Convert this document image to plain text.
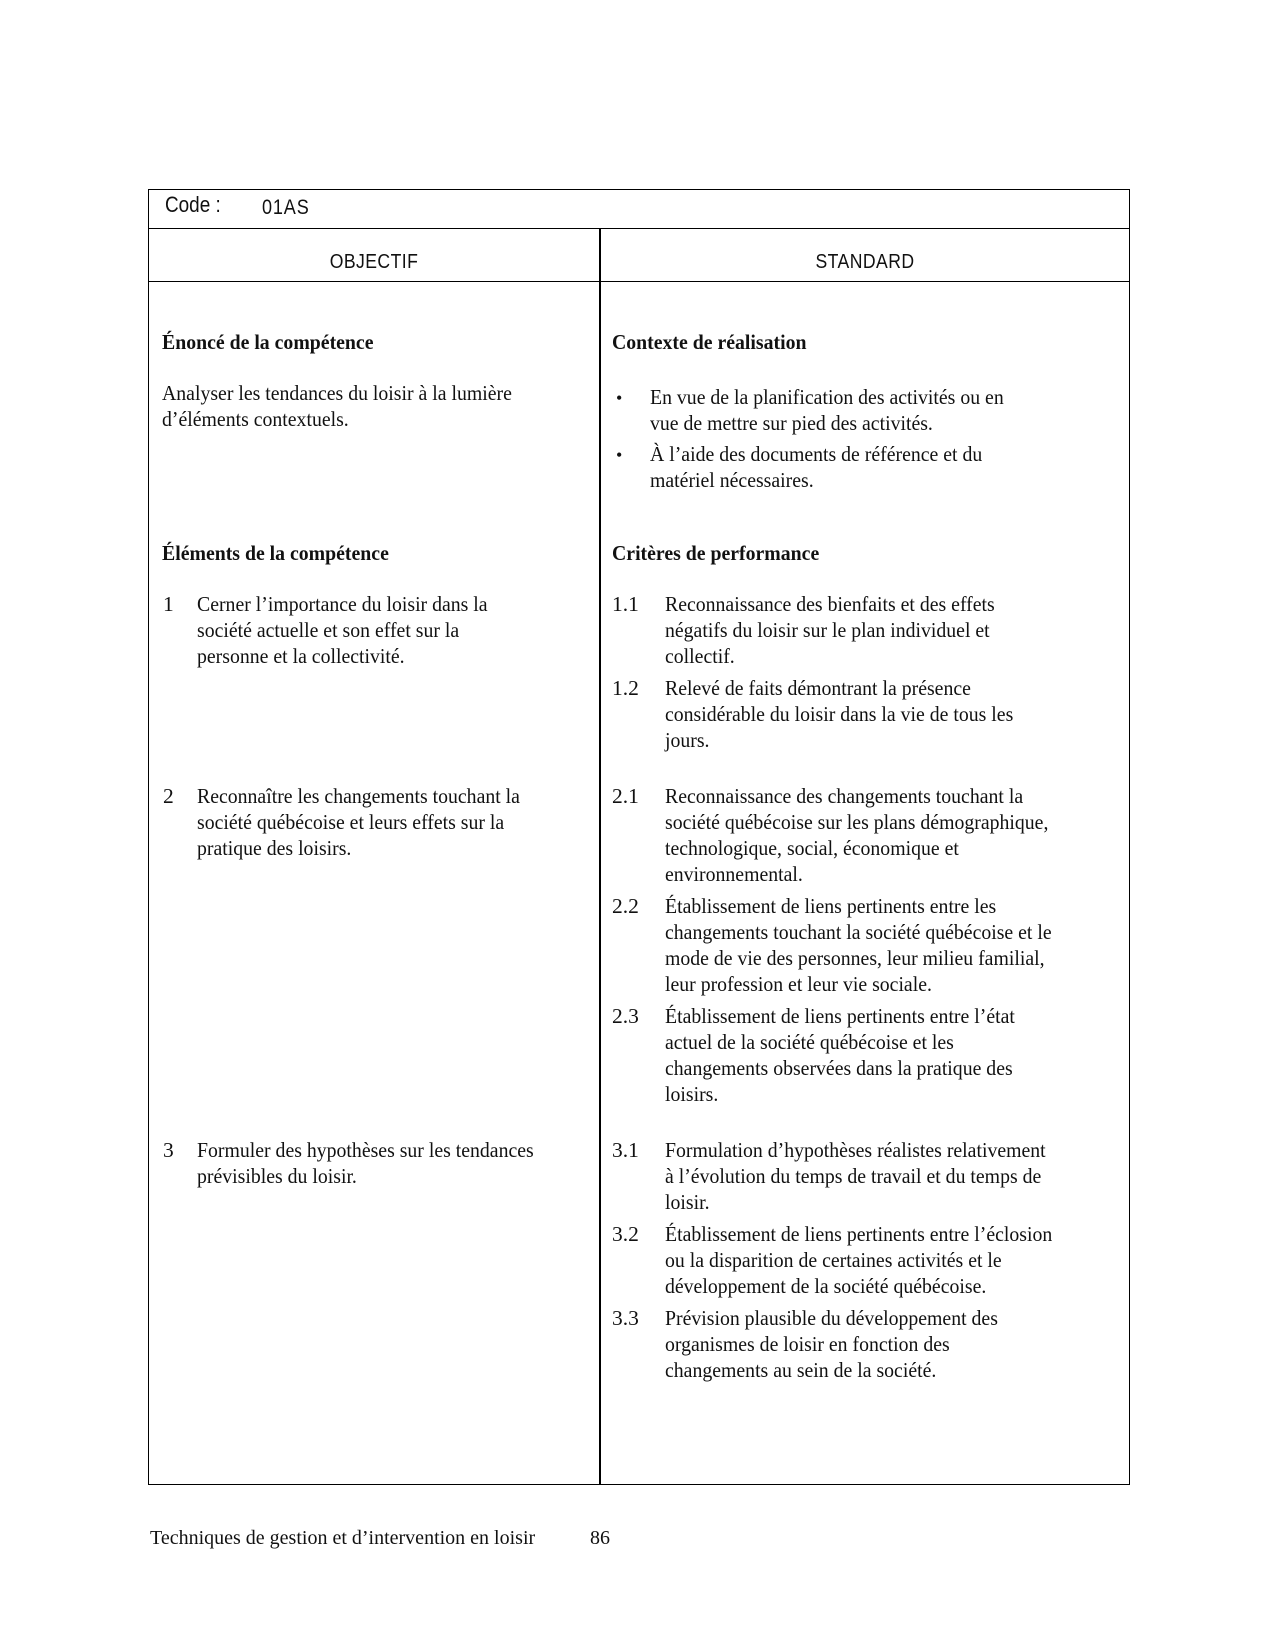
Code : 01AS
OBJECTIF	STANDARD
Énoncé de la compétence
Analyser les tendances du loisir à la lumière
d’éléments contextuels.
Éléments de la compétence
1 Cerner l’importance du loisir dans la
société actuelle et son effet sur la
personne et la collectivité.
2 Reconnaître les changements touchant la
société québécoise et leurs effets sur la
pratique des loisirs.
3 Formuler des hypothèses sur les tendances
prévisibles du loisir.
Contexte de réalisation
• En vue de la planification des activités ou en
vue de mettre sur pied des activités.
• À l’aide des documents de référence et du
matériel nécessaires.
Critères de performance
1.1 Reconnaissance des bienfaits et des effets
négatifs du loisir sur le plan individuel et
collectif.
1.2 Relevé de faits démontrant la présence
considérable du loisir dans la vie de tous les
jours.
2.1 Reconnaissance des changements touchant la
société québécoise sur les plans démographique,
technologique, social, économique et
environnemental.
2.2 Établissement de liens pertinents entre les
changements touchant la société québécoise et le
mode de vie des personnes, leur milieu familial,
leur profession et leur vie sociale.
2.3 Établissement de liens pertinents entre l’état
actuel de la société québécoise et les
changements observées dans la pratique des
loisirs.
3.1 Formulation d’hypothèses réalistes relativement
à l’évolution du temps de travail et du temps de
loisir.
3.2 Établissement de liens pertinents entre l’éclosion
ou la disparition de certaines activités et le
développement de la société québécoise.
3.3 Prévision plausible du développement des
organismes de loisir en fonction des
changements au sein de la société.
Techniques de gestion et d’intervention en loisir	86
